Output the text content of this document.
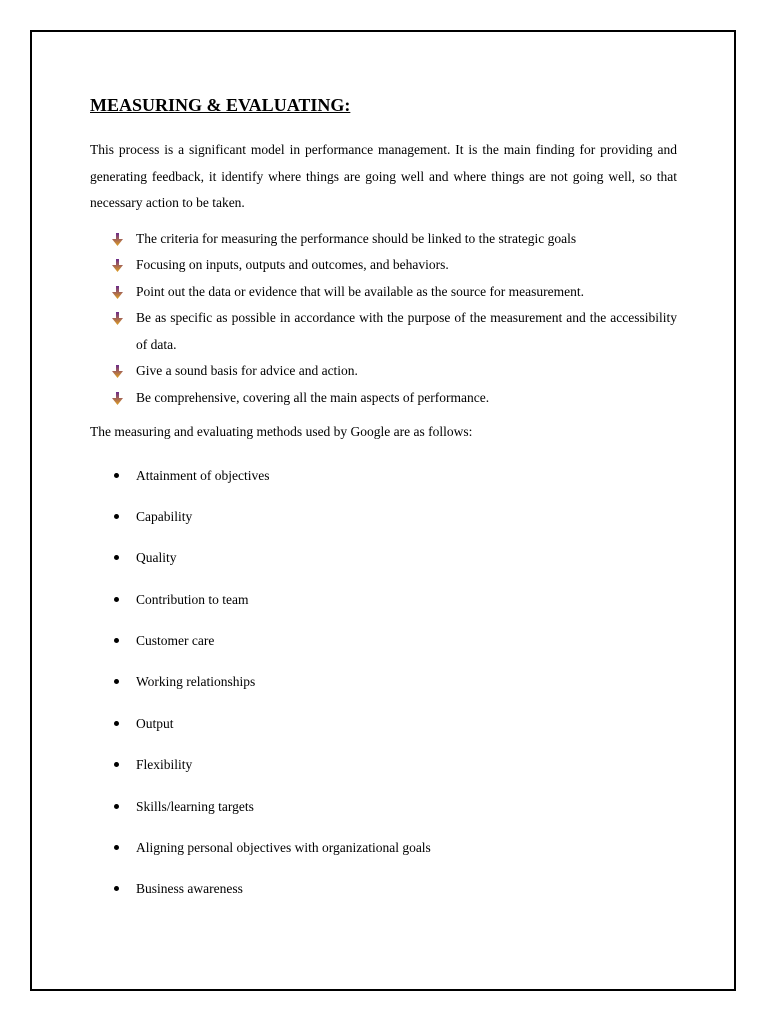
MEASURING & EVALUATING:

This process is a significant model in performance management. It is the main finding for providing and generating feedback, it identify where things are going well and where things are not going well, so that necessary action to be taken.

The criteria for measuring the performance should be linked to the strategic goals
Focusing on inputs, outputs and outcomes, and behaviors.
Point out the data or evidence that will be available as the source for measurement.
Be as specific as possible in accordance with the purpose of the measurement and the accessibility of data.
Give a sound basis for advice and action.
Be comprehensive, covering all the main aspects of performance.

The measuring and evaluating methods used by Google are as follows:

Attainment of objectives
Capability
Quality
Contribution to team
Customer care
Working relationships
Output
Flexibility
Skills/learning targets
Aligning personal objectives with organizational goals
Business awareness
